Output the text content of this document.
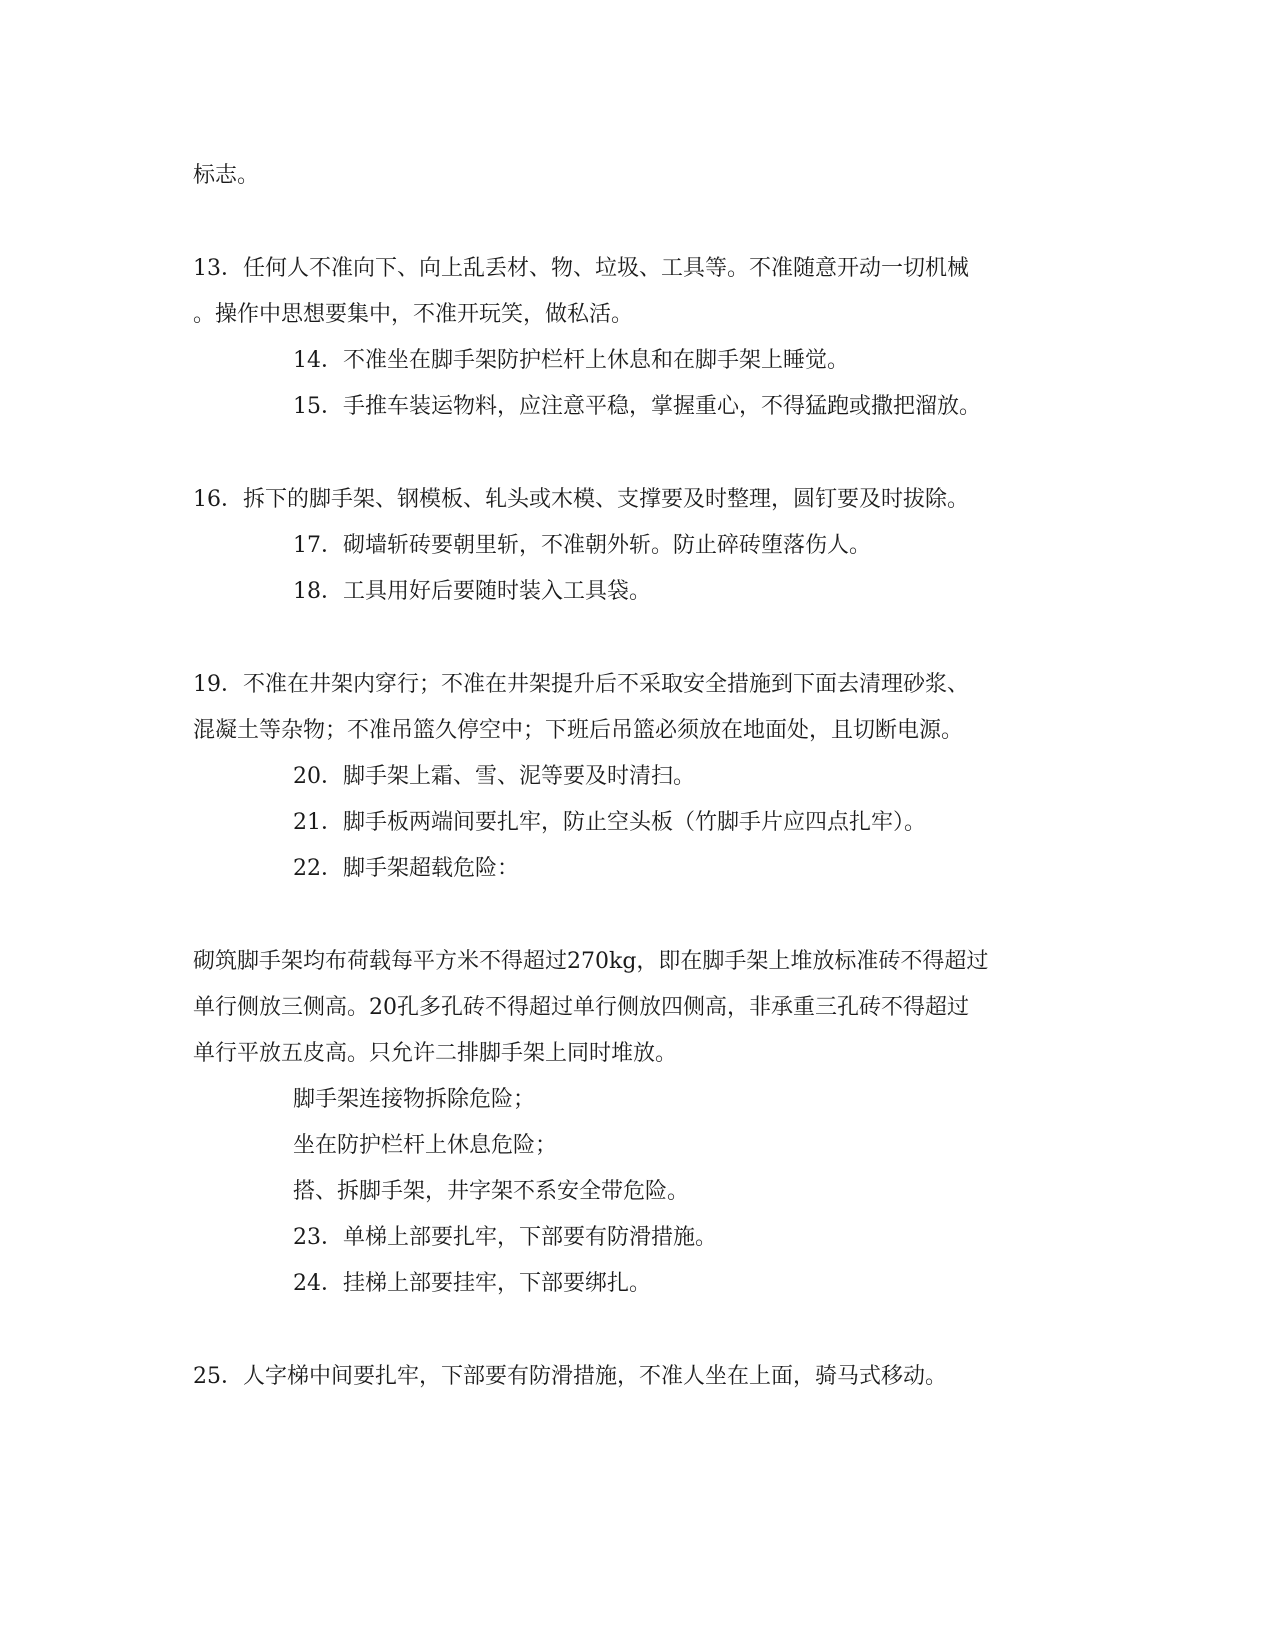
标志。
13．任何人不准向下、向上乱丢材、物、垃圾、工具等。不准随意开动一切机械
。操作中思想要集中，不准开玩笑，做私活。
14．不准坐在脚手架防护栏杆上休息和在脚手架上睡觉。
15．手推车装运物料，应注意平稳，掌握重心，不得猛跑或撒把溜放。
16．拆下的脚手架、钢模板、轧头或木模、支撑要及时整理，圆钉要及时拔除。
17．砌墙斩砖要朝里斩，不准朝外斩。防止碎砖堕落伤人。
18．工具用好后要随时装入工具袋。
19．不准在井架内穿行；不准在井架提升后不采取安全措施到下面去清理砂浆、
混凝土等杂物；不准吊篮久停空中；下班后吊篮必须放在地面处，且切断电源。
20．脚手架上霜、雪、泥等要及时清扫。
21．脚手板两端间要扎牢，防止空头板（竹脚手片应四点扎牢）。
22．脚手架超载危险：
砌筑脚手架均布荷载每平方米不得超过270kg，即在脚手架上堆放标准砖不得超过
单行侧放三侧高。20孔多孔砖不得超过单行侧放四侧高，非承重三孔砖不得超过
单行平放五皮高。只允许二排脚手架上同时堆放。
脚手架连接物拆除危险；
坐在防护栏杆上休息危险；
搭、拆脚手架，井字架不系安全带危险。
23．单梯上部要扎牢，下部要有防滑措施。
24．挂梯上部要挂牢，下部要绑扎。
25．人字梯中间要扎牢，下部要有防滑措施，不准人坐在上面，骑马式移动。
